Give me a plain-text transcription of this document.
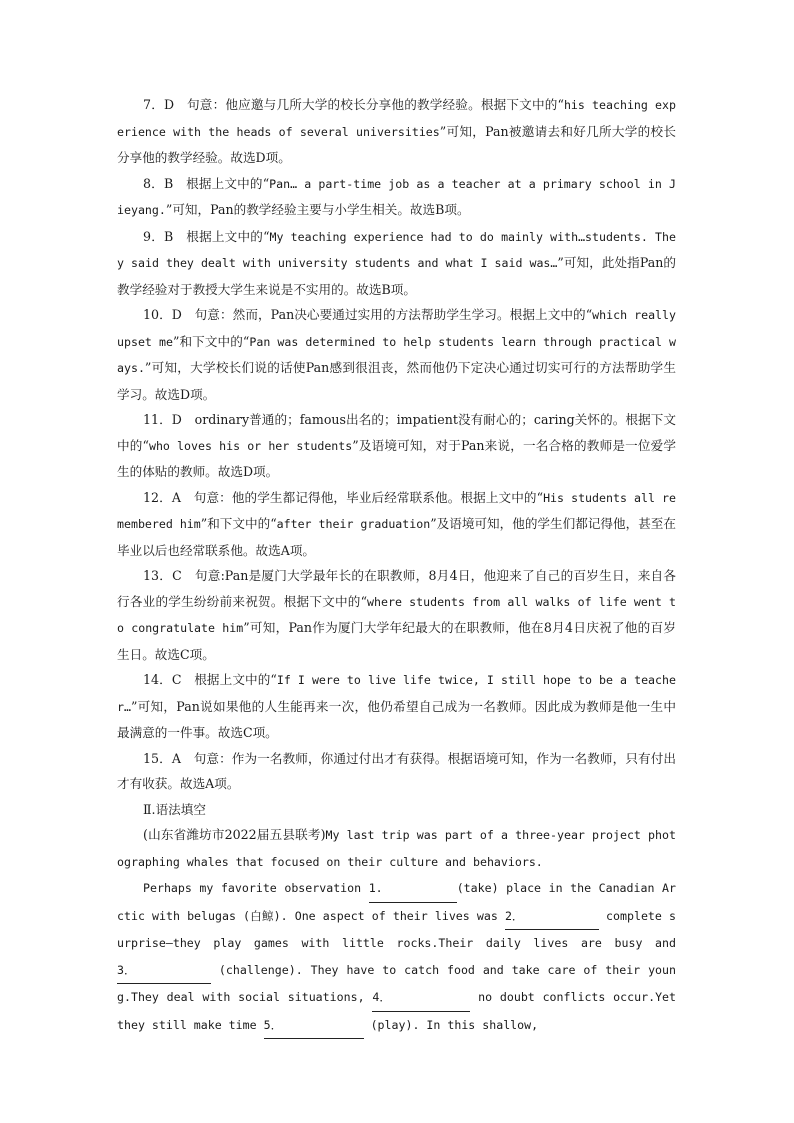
7．D　句意：他应邀与几所大学的校长分享他的教学经验。根据下文中的“his teaching experience with the heads of several universities”可知，Pan被邀请去和好几所大学的校长分享他的教学经验。故选D项。

8．B　根据上文中的“Pan… a part-time job as a teacher at a primary school in Jieyang.”可知，Pan的教学经验主要与小学生相关。故选B项。

9．B　根据上文中的“My teaching experience had to do mainly with…students. They said they dealt with university students and what I said was…”可知，此处指Pan的教学经验对于教授大学生来说是不实用的。故选B项。

10．D　句意：然而，Pan决心要通过实用的方法帮助学生学习。根据上文中的“which really upset me”和下文中的“Pan was determined to help students learn through practical ways.”可知，大学校长们说的话使Pan感到很沮丧，然而他仍下定决心通过切实可行的方法帮助学生学习。故选D项。

11．D　ordinary普通的；famous出名的；impatient没有耐心的；caring关怀的。根据下文中的“who loves his or her students”及语境可知，对于Pan来说，一名合格的教师是一位爱学生的体贴的教师。故选D项。

12．A　句意：他的学生都记得他，毕业后经常联系他。根据上文中的“His students all remembered him”和下文中的“after their graduation”及语境可知，他的学生们都记得他，甚至在毕业以后也经常联系他。故选A项。

13．C　句意:Pan是厦门大学最年长的在职教师，8月4日，他迎来了自己的百岁生日，来自各行各业的学生纷纷前来祝贺。根据下文中的“where students from all walks of life went to congratulate him”可知，Pan作为厦门大学年纪最大的在职教师，他在8月4日庆祝了他的百岁生日。故选C项。

14．C　根据上文中的“If I were to live life twice, I still hope to be a teacher…”可知，Pan说如果他的人生能再来一次，他仍希望自己成为一名教师。因此成为教师是他一生中最满意的一件事。故选C项。

15．A　句意：作为一名教师，你通过付出才有获得。根据语境可知，作为一名教师，只有付出才有收获。故选A项。

Ⅱ.语法填空

(山东省潍坊市2022届五县联考)My last trip was part of a three-year project photographing whales that focused on their culture and behaviors.

Perhaps my favorite observation 1.	(take) place in the Canadian Arctic with belugas (白鲸). One aspect of their lives was 2．	complete surprise—they play games with little rocks.Their daily lives are busy and 3．	(challenge). They have to catch food and take care of their young.They deal with social situations, 4．	no doubt conflicts occur.Yet they still make time 5．	(play). In this shallow,
